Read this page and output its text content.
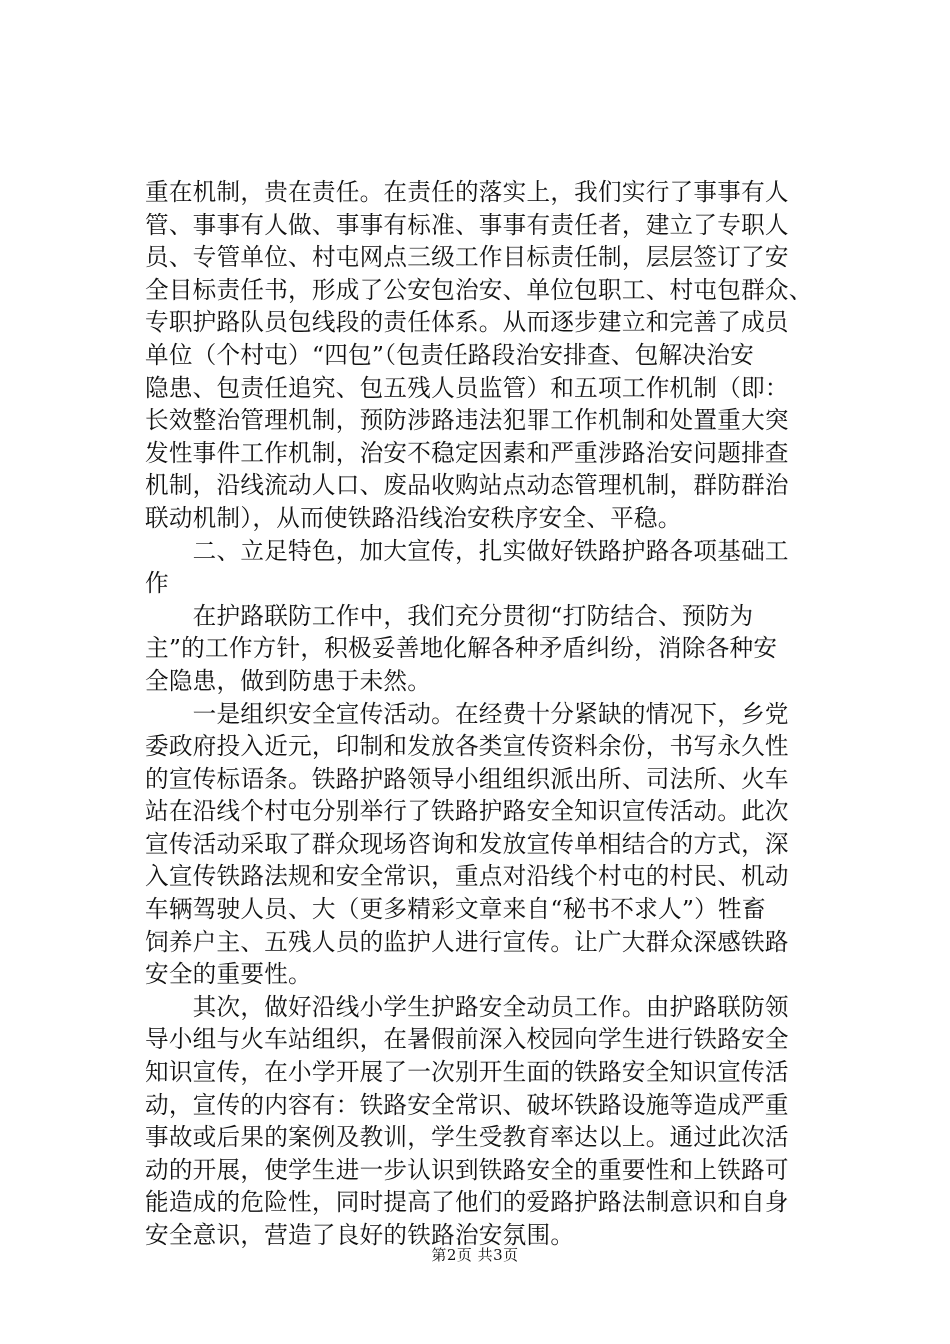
重在机制，贵在责任。在责任的落实上，我们实行了事事有人
管、事事有人做、事事有标准、事事有责任者，建立了专职人
员、专管单位、村屯网点三级工作目标责任制，层层签订了安
全目标责任书，形成了公安包治安、单位包职工、村屯包群众、
专职护路队员包线段的责任体系。从而逐步建立和完善了成员
单位（个村屯）“四包”（包责任路段治安排查、包解决治安
隐患、包责任追究、包五残人员监管）和五项工作机制（即：
长效整治管理机制，预防涉路违法犯罪工作机制和处置重大突
发性事件工作机制，治安不稳定因素和严重涉路治安问题排查
机制，沿线流动人口、废品收购站点动态管理机制，群防群治
联动机制），从而使铁路沿线治安秩序安全、平稳。
　　二、立足特色，加大宣传，扎实做好铁路护路各项基础工
作
　　在护路联防工作中，我们充分贯彻“打防结合、预防为
主”的工作方针，积极妥善地化解各种矛盾纠纷，消除各种安
全隐患，做到防患于未然。
　　一是组织安全宣传活动。在经费十分紧缺的情况下，乡党
委政府投入近元，印制和发放各类宣传资料余份，书写永久性
的宣传标语条。铁路护路领导小组组织派出所、司法所、火车
站在沿线个村屯分别举行了铁路护路安全知识宣传活动。此次
宣传活动采取了群众现场咨询和发放宣传单相结合的方式，深
入宣传铁路法规和安全常识，重点对沿线个村屯的村民、机动
车辆驾驶人员、大（更多精彩文章来自“秘书不求人”）牲畜
饲养户主、五残人员的监护人进行宣传。让广大群众深感铁路
安全的重要性。
　　其次，做好沿线小学生护路安全动员工作。由护路联防领
导小组与火车站组织，在暑假前深入校园向学生进行铁路安全
知识宣传，在小学开展了一次别开生面的铁路安全知识宣传活
动，宣传的内容有：铁路安全常识、破坏铁路设施等造成严重
事故或后果的案例及教训，学生受教育率达以上。通过此次活
动的开展，使学生进一步认识到铁路安全的重要性和上铁路可
能造成的危险性，同时提高了他们的爱路护路法制意识和自身
安全意识，营造了良好的铁路治安氛围。
第2页 共3页
